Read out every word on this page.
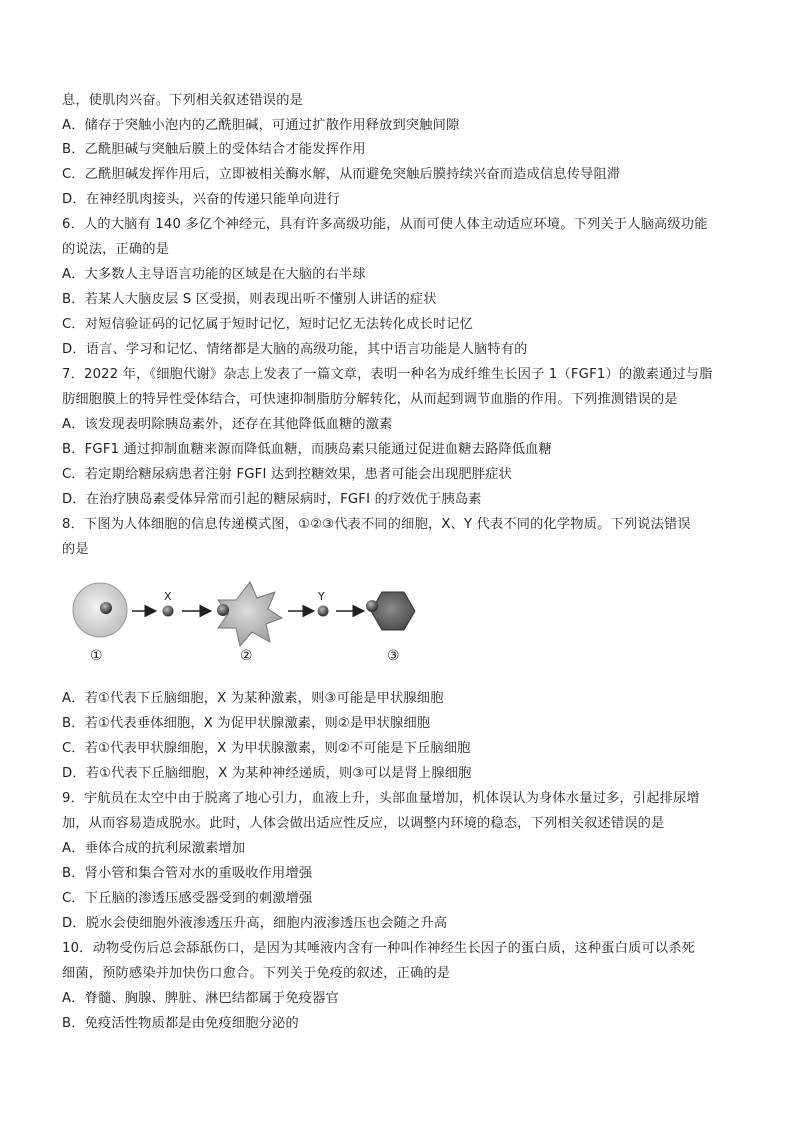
息，使肌肉兴奋。下列相关叙述错误的是
A．储存于突触小泡内的乙酰胆碱，可通过扩散作用释放到突触间隙
B．乙酰胆碱与突触后膜上的受体结合才能发挥作用
C．乙酰胆碱发挥作用后，立即被相关酶水解，从而避免突触后膜持续兴奋而造成信息传导阻滞
D．在神经肌肉接头，兴奋的传递只能单向进行
6．人的大脑有 140 多亿个神经元，具有许多高级功能，从而可使人体主动适应环境。下列关于人脑高级功能
的说法，正确的是
A．大多数人主导语言功能的区域是在大脑的右半球
B．若某人大脑皮层 S 区受损，则表现出听不懂别人讲话的症状
C．对短信验证码的记忆属于短时记忆，短时记忆无法转化成长时记忆
D．语言、学习和记忆、情绪都是大脑的高级功能，其中语言功能是人脑特有的
7．2022 年，《细胞代谢》杂志上发表了一篇文章，表明一种名为成纤维生长因子 1（FGF1）的激素通过与脂
肪细胞膜上的特异性受体结合，可快速抑制脂肪分解转化，从而起到调节血脂的作用。下列推测错误的是
A．该发现表明除胰岛素外，还存在其他降低血糖的激素
B．FGF1 通过抑制血糖来源而降低血糖，而胰岛素只能通过促进血糖去路降低血糖
C．若定期给糖尿病患者注射 FGFI 达到控糖效果，患者可能会出现肥胖症状
D．在治疗胰岛素受体异常而引起的糖尿病时，FGFI 的疗效优于胰岛素
8．下图为人体细胞的信息传递模式图，①②③代表不同的细胞，X、Y 代表不同的化学物质。下列说法错误
的是
X	Y
①	②	③
A．若①代表下丘脑细胞，X 为某种激素，则③可能是甲状腺细胞
B．若①代表垂体细胞，X 为促甲状腺激素，则②是甲状腺细胞
C．若①代表甲状腺细胞，X 为甲状腺激素，则②不可能是下丘脑细胞
D．若①代表下丘脑细胞，X 为某种神经递质，则③可以是肾上腺细胞
9．宇航员在太空中由于脱离了地心引力，血液上升，头部血量增加，机体误认为身体水量过多，引起排尿增
加，从而容易造成脱水。此时，人体会做出适应性反应，以调整内环境的稳态，下列相关叙述错误的是
A．垂体合成的抗利尿激素增加
B．肾小管和集合管对水的重吸收作用增强
C．下丘脑的渗透压感受器受到的刺激增强
D．脱水会使细胞外液渗透压升高，细胞内液渗透压也会随之升高
10．动物受伤后总会舔舐伤口，是因为其唾液内含有一种叫作神经生长因子的蛋白质，这种蛋白质可以杀死
细菌，预防感染并加快伤口愈合。下列关于免疫的叙述，正确的是
A．脊髓、胸腺、脾脏、淋巴结都属于免疫器官
B．免疫活性物质都是由免疫细胞分泌的
